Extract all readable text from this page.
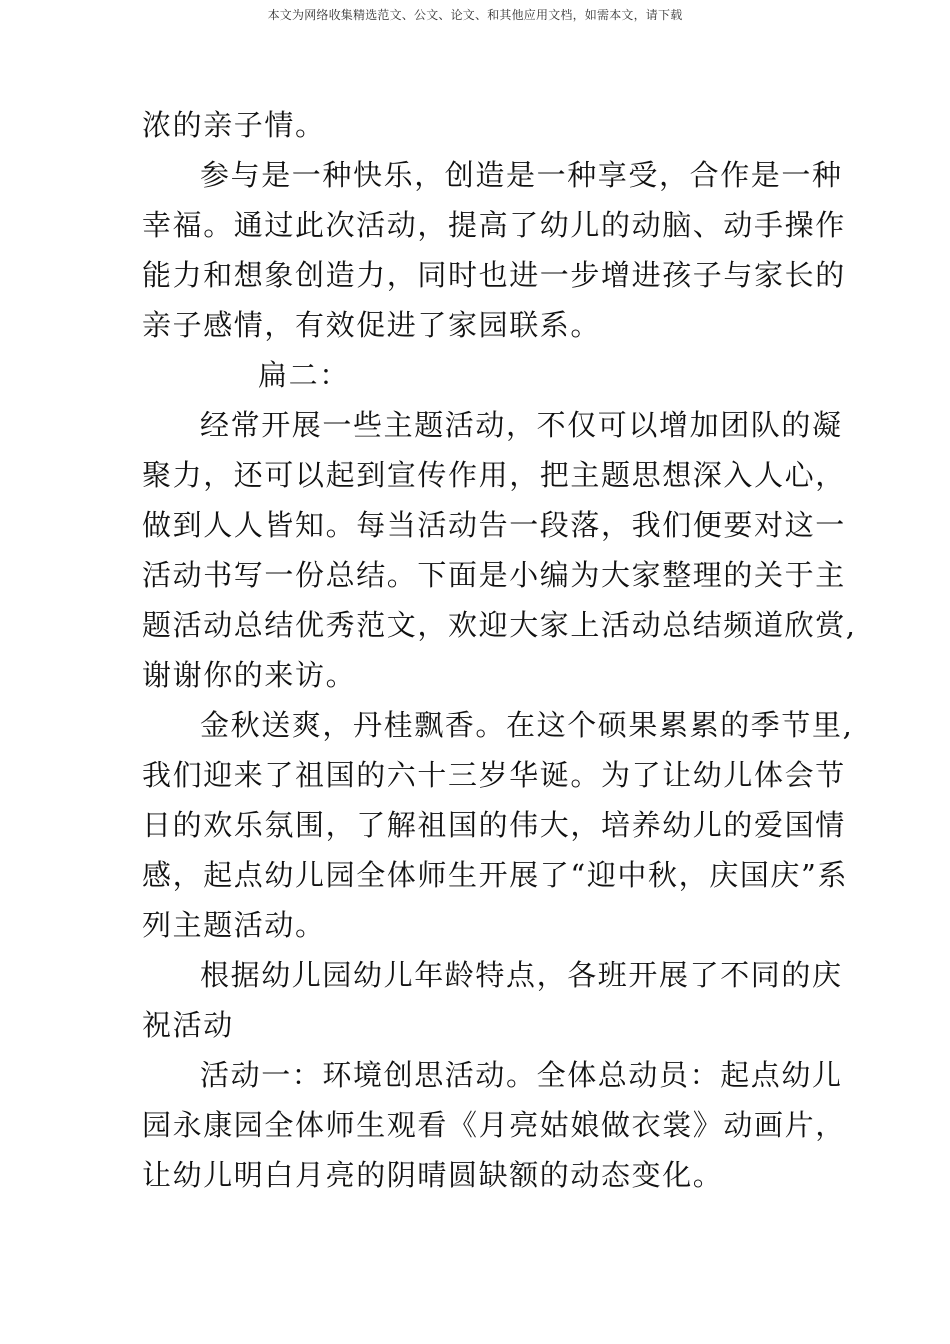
本文为网络收集精选范文、公文、论文、和其他应用文档，如需本文，请下载
浓的亲子情。
参与是一种快乐，创造是一种享受，合作是一种
幸福。通过此次活动，提高了幼儿的动脑、动手操作
能力和想象创造力，同时也进一步增进孩子与家长的
亲子感情，有效促进了家园联系。
扁二：
经常开展一些主题活动，不仅可以增加团队的凝
聚力，还可以起到宣传作用，把主题思想深入人心，
做到人人皆知。每当活动告一段落，我们便要对这一
活动书写一份总结。下面是小编为大家整理的关于主
题活动总结优秀范文，欢迎大家上活动总结频道欣赏,
谢谢你的来访。
金秋送爽，丹桂飘香。在这个硕果累累的季节里,
我们迎来了祖国的六十三岁华诞。为了让幼儿体会节
日的欢乐氛围，了解祖国的伟大，培养幼儿的爱国情
感，起点幼儿园全体师生开展了“迎中秋，庆国庆”系
列主题活动。
根据幼儿园幼儿年龄特点，各班开展了不同的庆
祝活动
活动一：环境创思活动。全体总动员：起点幼儿
园永康园全体师生观看《月亮姑娘做衣裳》动画片，
让幼儿明白月亮的阴晴圆缺额的动态变化。
